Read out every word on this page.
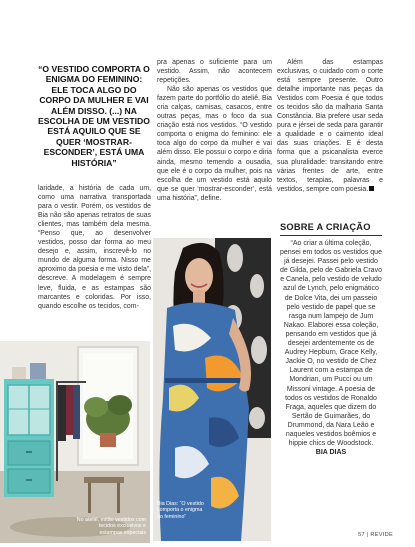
“O VESTIDO COMPORTA O ENIGMA DO FEMININO: ELE TOCA ALGO DO CORPO DA MULHER E VAI ALÉM DISSO. (...) NA ESCOLHA DE UM VESTIDO ESTÁ AQUILO QUE SE QUER ‘MOSTRAR-ESCONDER’, ESTÁ UMA HISTÓRIA”

laridade, a história de cada um, como uma narrativa transportada para o vestir. Porém, os vestidos de Bia não são apenas retratos de suas clientes, mas também dela mesma. “Penso que, ao desenvolver vestidos, posso dar forma ao meu desejo e, assim, inscrevê-lo no mundo de alguma forma. Nisso me aproximo da poesia e me visto dela”, descreve. A modelagem é sempre leve, fluida, e as estampas são marcantes e coloridas. Por isso, quando escolhe os tecidos, com-

pra apenas o suficiente para um vestido. Assim, não acontecem repetições.

Não são apenas os vestidos que fazem parte do portfólio do ateliê. Bia cria calças, camisas, casacos, entre outras peças, mas o foco da sua criação está nos vestidos. “O vestido comporta o enigma do feminino: ele toca algo do corpo da mulher e vai além disso. Ele possui o corpo e diria ainda, mesmo temendo a ousadia, que ele é o corpo da mulher, pois na escolha de um vestido está aquilo que se quer ‘mostrar-esconder’, está uma história”, define.

Além das estampas exclusivas, o cuidado com o corte está sempre presente. Outro detalhe importante nas peças da Vestidos com Poesia é que todos os tecidos são da malharia Santa Constância. Bia prefere usar seda pura e jérsei de seda para garantir a qualidade e o caimento ideal das suas criações. E é desta forma que a psicanalista everce sua pluralidade: transitando entre várias frentes de arte, entre textos, terapias, palavras e vestidos, sempre com poesia.

No ateliê, estão vestidos com tecidos exclusivos e estampas especiais
Bia Dias: “O vestido comporta o enigma do feminino”
SOBRE A CRIAÇÃO
“Ao criar a última coleção, pensei em todos os vestidos que já desejei. Passei pelo vestido de Gilda, pelo de Gabriela Cravo e Canela, pelo vestido de veludo azul de Lynch, pelo enigmático de Dolce Vita, dei um passeio pelo vestido de papel que se rasga num lampejo de Jum Nakao. Elaborei essa coleção, pensando em vestidos que já desejei ardentemente os de Audrey Hepburn, Grace Kelly, Jackie O, no vestido de Chez Laurent com a estampa de Mondrian, um Pucci ou um Missoni vintage. A poesia de todos os vestidos de Ronaldo Fraga, aqueles que dizem do Sertão de Guimarães, do Drummond, da Nara Leão e naqueles vestidos boêmios e hippie chics de Woodstock.
BIA DIAS
57 | REVIDE
